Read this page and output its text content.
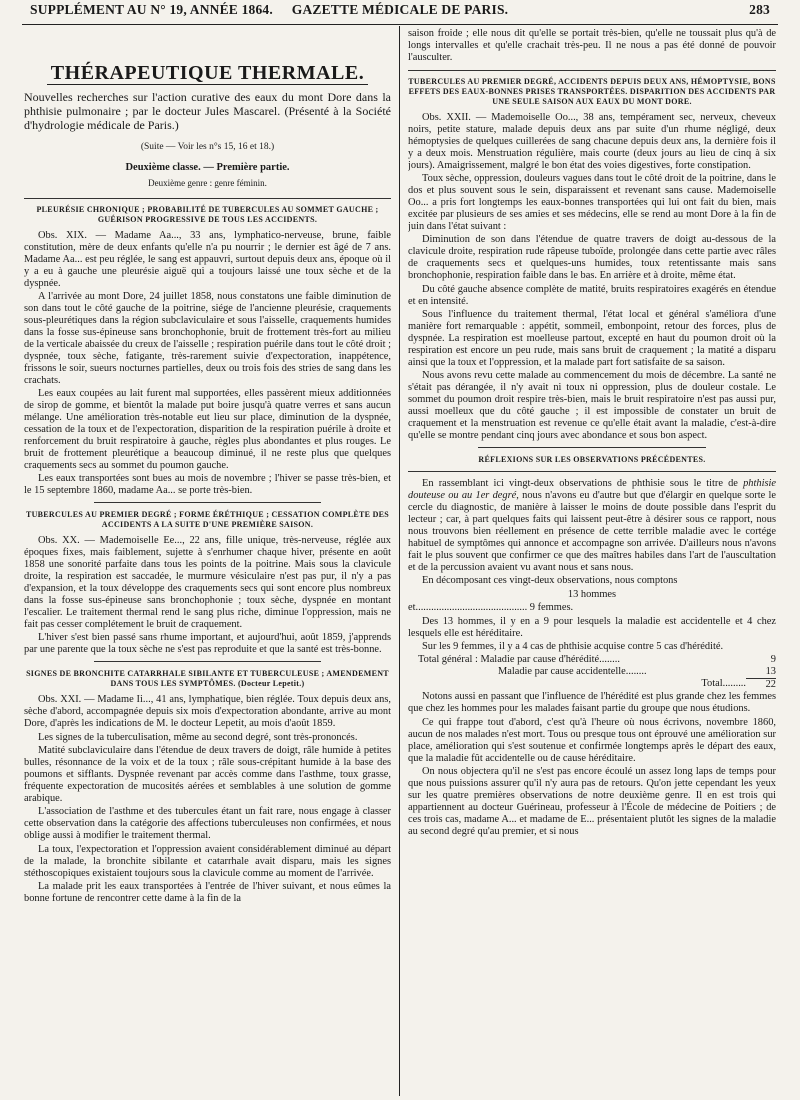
SUPPLÉMENT AU N° 19, ANNÉE 1864.	GAZETTE MÉDICALE DE PARIS.	283
THÉRAPEUTIQUE THERMALE.

Nouvelles recherches sur l'action curative des eaux du mont Dore dans la phthisie pulmonaire ; par le docteur Jules Mascarel. (Présenté à la Société d'hydrologie médicale de Paris.)

(Suite — Voir les n°s 15, 16 et 18.)
Deuxième classe. — Première partie.
Deuxième genre : genre féminin.
PLEURÉSIE CHRONIQUE ; PROBABILITÉ DE TUBERCULES AU SOMMET GAUCHE ; GUÉRISON PROGRESSIVE DE TOUS LES ACCIDENTS.

Obs. XIX. — Madame Aa..., 33 ans, lymphatico-nerveuse, brune, faible constitution, mère de deux enfants qu'elle n'a pu nourrir ; le dernier est âgé de 7 ans. Madame Aa... est peu réglée, le sang est appauvri, surtout depuis deux ans, époque où il y a eu à gauche une pleurésie aiguë qui a toujours laissé une toux sèche et de la dyspnée.

A l'arrivée au mont Dore, 24 juillet 1858, nous constatons une faible diminution de son dans tout le côté gauche de la poitrine, siége de l'ancienne pleurésie, craquements sous-pleurétiques dans la région subclaviculaire et sous l'aisselle, craquements humides dans la fosse sus-épineuse sans bronchophonie, bruit de frottement très-fort au milieu de la verticale abaissée du creux de l'aisselle ; respiration puérile dans tout le côté droit ; dyspnée, toux sèche, fatigante, très-rarement suivie d'expectoration, inappétence, frissons le soir, sueurs nocturnes partielles, deux ou trois fois des stries de sang dans les crachats.

Les eaux coupées au lait furent mal supportées, elles passèrent mieux additionnées de sirop de gomme, et bientôt la malade put boire jusqu'à quatre verres et sans aucun mélange. Une amélioration très-notable eut lieu sur place, diminution de la dyspnée, cessation de la toux et de l'expectoration, disparition de la respiration puérile à droite et renforcement du bruit respiratoire à gauche, règles plus abondantes et plus rouges. Le bruit de frottement pleurétique a beaucoup diminué, il ne reste plus que quelques craquements secs au sommet du poumon gauche.

Les eaux transportées sont bues au mois de novembre ; l'hiver se passe très-bien, et le 15 septembre 1860, madame Aa... se porte très-bien.

TUBERCULES AU PREMIER DEGRÉ ; FORME ÉRÉTHIQUE ; CESSATION COMPLÈTE DES ACCIDENTS A LA SUITE D'UNE PREMIÈRE SAISON.

Obs. XX. — Mademoiselle Ee..., 22 ans, fille unique, très-nerveuse, réglée aux époques fixes, mais faiblement, sujette à s'enrhumer chaque hiver, présente en août 1858 une sonorité parfaite dans tous les points de la poitrine. Mais sous la clavicule droite, la respiration est saccadée, le murmure vésiculaire n'est pas pur, il n'y a pas d'expansion, et la toux développe des craquements secs qui sont encore plus nombreux dans la fosse sus-épineuse sans bronchophonie ; toux sèche, dyspnée en montant l'escalier. Le traitement thermal rend le sang plus riche, diminue l'oppression, mais ne fait pas cesser complétement le bruit de craquement.

L'hiver s'est bien passé sans rhume important, et aujourd'hui, août 1859, j'apprends par une parente que la toux sèche ne s'est pas reproduite et que la santé est très-bonne.

SIGNES DE BRONCHITE CATARRHALE SIBILANTE ET TUBERCULEUSE ; AMENDEMENT DANS TOUS LES SYMPTÔMES. (Docteur Lepetit.)

Obs. XXI. — Madame Ii..., 41 ans, lymphatique, bien réglée. Toux depuis deux ans, sèche d'abord, accompagnée depuis six mois d'expectoration abondante, arrive au mont Dore, d'après les indications de M. le docteur Lepetit, au mois d'août 1859.

Les signes de la tuberculisation, même au second degré, sont très-prononcés.

Matité subclaviculaire dans l'étendue de deux travers de doigt, râle humide à petites bulles, résonnance de la voix et de la toux ; râle sous-crépitant humide à la base des poumons et sifflants. Dyspnée revenant par accès comme dans l'asthme, toux grasse, fréquente expectoration de mucosités aérées et semblables à une solution de gomme arabique.

L'association de l'asthme et des tubercules étant un fait rare, nous engage à classer cette observation dans la catégorie des affections tuberculeuses non confirmées, et nous oblige aussi à modifier le traitement thermal.

La toux, l'expectoration et l'oppression avaient considérablement diminué au départ de la malade, la bronchite sibilante et catarrhale avait disparu, mais les signes stéthoscopiques existaient toujours sous la clavicule comme au moment de l'arrivée.

La malade prit les eaux transportées à l'entrée de l'hiver suivant, et nous eûmes la bonne fortune de rencontrer cette dame à la fin de la

saison froide ; elle nous dit qu'elle se portait très-bien, qu'elle ne toussait plus qu'à de longs intervalles et qu'elle crachait très-peu. Il ne nous a pas été donné de pouvoir l'ausculter.

TUBERCULES AU PREMIER DEGRÉ, ACCIDENTS DEPUIS DEUX ANS, HÉMOPTYSIE, BONS EFFETS DES EAUX-BONNES PRISES TRANSPORTÉES. DISPARITION DES ACCIDENTS PAR UNE SEULE SAISON AUX EAUX DU MONT DORE.

Obs. XXII. — Mademoiselle Oo..., 38 ans, tempérament sec, nerveux, cheveux noirs, petite stature, malade depuis deux ans par suite d'un rhume négligé, deux hémoptysies de quelques cuillerées de sang chacune depuis deux ans, la dernière fois il y a deux mois. Menstruation régulière, mais courte (deux jours au lieu de cinq à six jours). Amaigrissement, malgré le bon état des voies digestives, forte constipation.

Toux sèche, oppression, douleurs vagues dans tout le côté droit de la poitrine, dans le dos et plus souvent sous le sein, disparaissent et revenant sans cause. Mademoiselle Oo... a pris fort longtemps les eaux-bonnes transportées qui lui ont fait du bien, mais excitée par plusieurs de ses amies et ses médecins, elle se rend au mont Dore à la fin de juin dans l'état suivant :

Diminution de son dans l'étendue de quatre travers de doigt au-dessous de la clavicule droite, respiration rude râpeuse tuboïde, prolongée dans cette partie avec râles de craquements secs et quelques-uns humides, toux retentissante mais sans bronchophonie, respiration faible dans le bas. En arrière et à droite, même état.

Du côté gauche absence complète de matité, bruits respiratoires exagérés en étendue et en intensité.

Sous l'influence du traitement thermal, l'état local et général s'améliora d'une manière fort remarquable : appétit, sommeil, embonpoint, retour des forces, plus de dyspnée. La respiration est moelleuse partout, excepté en haut du poumon droit où la respiration est encore un peu rude, mais sans bruit de craquement ; la matité a disparu ainsi que la toux et l'oppression, et la malade part fort satisfaite de sa saison.

Nous avons revu cette malade au commencement du mois de décembre. La santé ne s'était pas dérangée, il n'y avait ni toux ni oppression, plus de douleur costale. Le sommet du poumon droit respire très-bien, mais le bruit respiratoire n'est pas aussi pur, aussi moelleux que du côté gauche ; il est impossible de constater un bruit de craquement et la menstruation est revenue ce qu'elle était avant la maladie, c'est-à-dire qu'elle se montre pendant cinq jours avec abondance et sous bon aspect.

RÉFLEXIONS SUR LES OBSERVATIONS PRÉCÉDENTES.

En rassemblant ici vingt-deux observations de phthisie sous le titre de phthisie douteuse ou au 1er degré, nous n'avons eu d'autre but que d'élargir en quelque sorte le cercle du diagnostic, de manière à laisser le moins de doute possible dans l'esprit du lecteur ; car, à part quelques faits qui laissent peut-être à désirer sous ce rapport, nous nous trouvons bien réellement en présence de cette terrible maladie avec le cortége habituel de symptômes qui annonce et accompagne son arrivée. D'ailleurs nous n'avons fait le plus souvent que confirmer ce que des maîtres habiles dans l'art de l'auscultation et de la percussion avaient vu avant nous et sans nous.

En décomposant ces vingt-deux observations, nous comptons

13 hommes

et........................................... 9 femmes.

Des 13 hommes, il y en a 9 pour lesquels la maladie est accidentelle et 4 chez lesquels elle est héréditaire.

Sur les 9 femmes, il y a 4 cas de phthisie acquise contre 5 cas d'hérédité.

Total général : Maladie par cause d'hérédité........	9
Maladie par cause accidentelle........	13
Total.........	22

Notons aussi en passant que l'influence de l'hérédité est plus grande chez les femmes que chez les hommes pour les malades faisant partie du groupe que nous étudions.

Ce qui frappe tout d'abord, c'est qu'à l'heure où nous écrivons, novembre 1860, aucun de nos malades n'est mort. Tous ou presque tous ont éprouvé une amélioration sur place, amélioration qui s'est soutenue et confirmée longtemps après le départ des eaux, que la maladie fût accidentelle ou de cause héréditaire.

On nous objectera qu'il ne s'est pas encore écoulé un assez long laps de temps pour que nous puissions assurer qu'il n'y aura pas de retours. Qu'on jette cependant les yeux sur les quatre premières observations de notre deuxième genre. Il en est trois qui appartiennent au docteur Guérineau, professeur à l'École de médecine de Poitiers ; de ces trois cas, madame A... et madame de E... présentaient plutôt les signes de la maladie au second degré qu'au premier, et si nous
